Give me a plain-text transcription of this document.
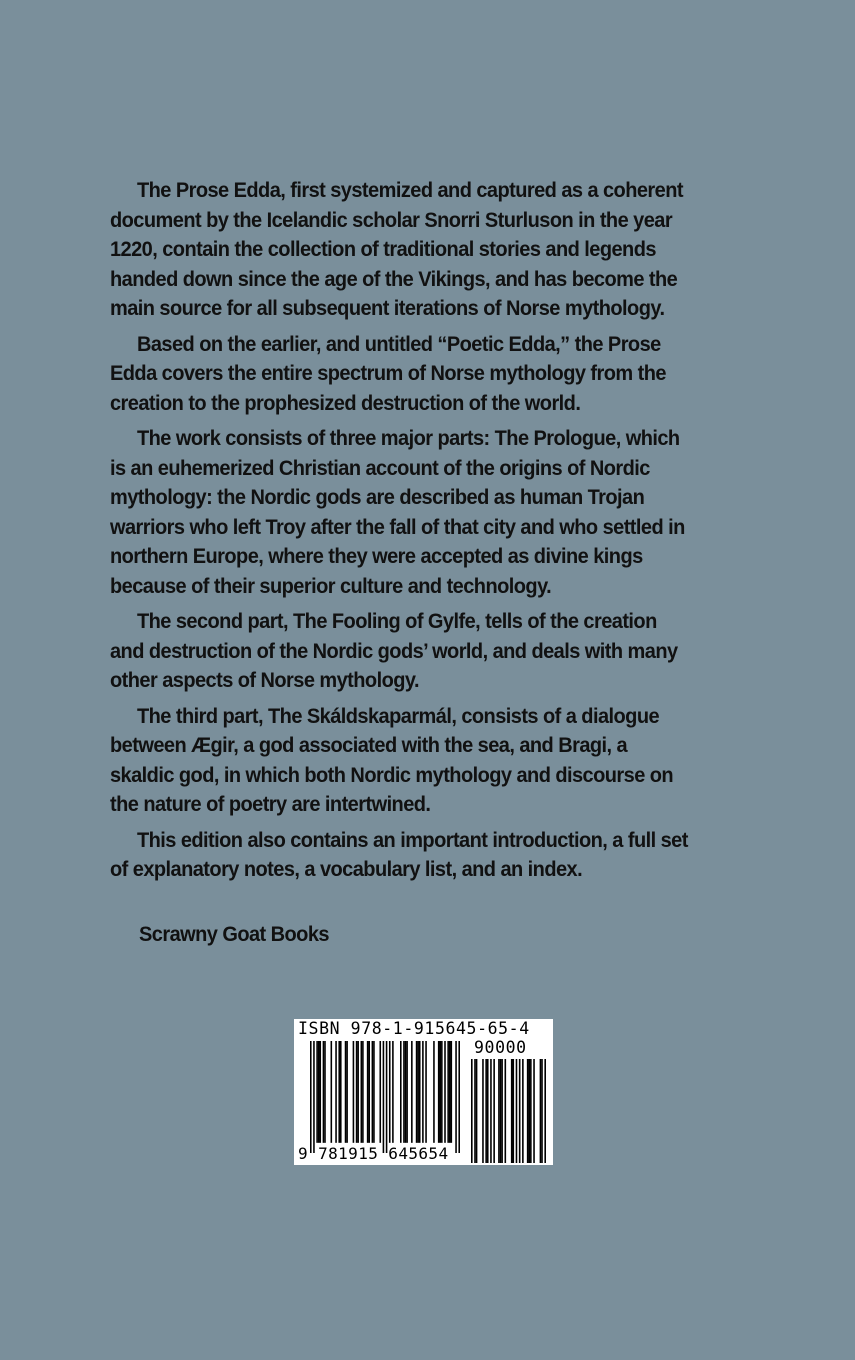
The Prose Edda, first systemized and captured as a coherent document by the Icelandic scholar Snorri Sturluson in the year 1220, contain the collection of traditional stories and legends handed down since the age of the Vikings, and has become the main source for all subsequent iterations of Norse mythology.

Based on the earlier, and untitled “Poetic Edda,” the Prose Edda covers the entire spectrum of Norse mythology from the creation to the prophesized destruction of the world.

The work consists of three major parts: The Prologue, which is an euhemerized Christian account of the origins of Nordic mythology: the Nordic gods are described as human Trojan warriors who left Troy after the fall of that city and who settled in northern Europe, where they were accepted as divine kings because of their superior culture and technology.

The second part, The Fooling of Gylfe, tells of the creation and destruction of the Nordic gods’ world, and deals with many other aspects of Norse mythology.

The third part, The Skáldskaparmál, consists of a dialogue between Ægir, a god associated with the sea, and Bragi, a skaldic god, in which both Nordic mythology and discourse on the nature of poetry are intertwined.

This edition also contains an important introduction, a full set of explanatory notes, a vocabulary list, and an index.

Scrawny Goat Books
ISBN 978-1-915645-65-4
90000
9 781915 645654
